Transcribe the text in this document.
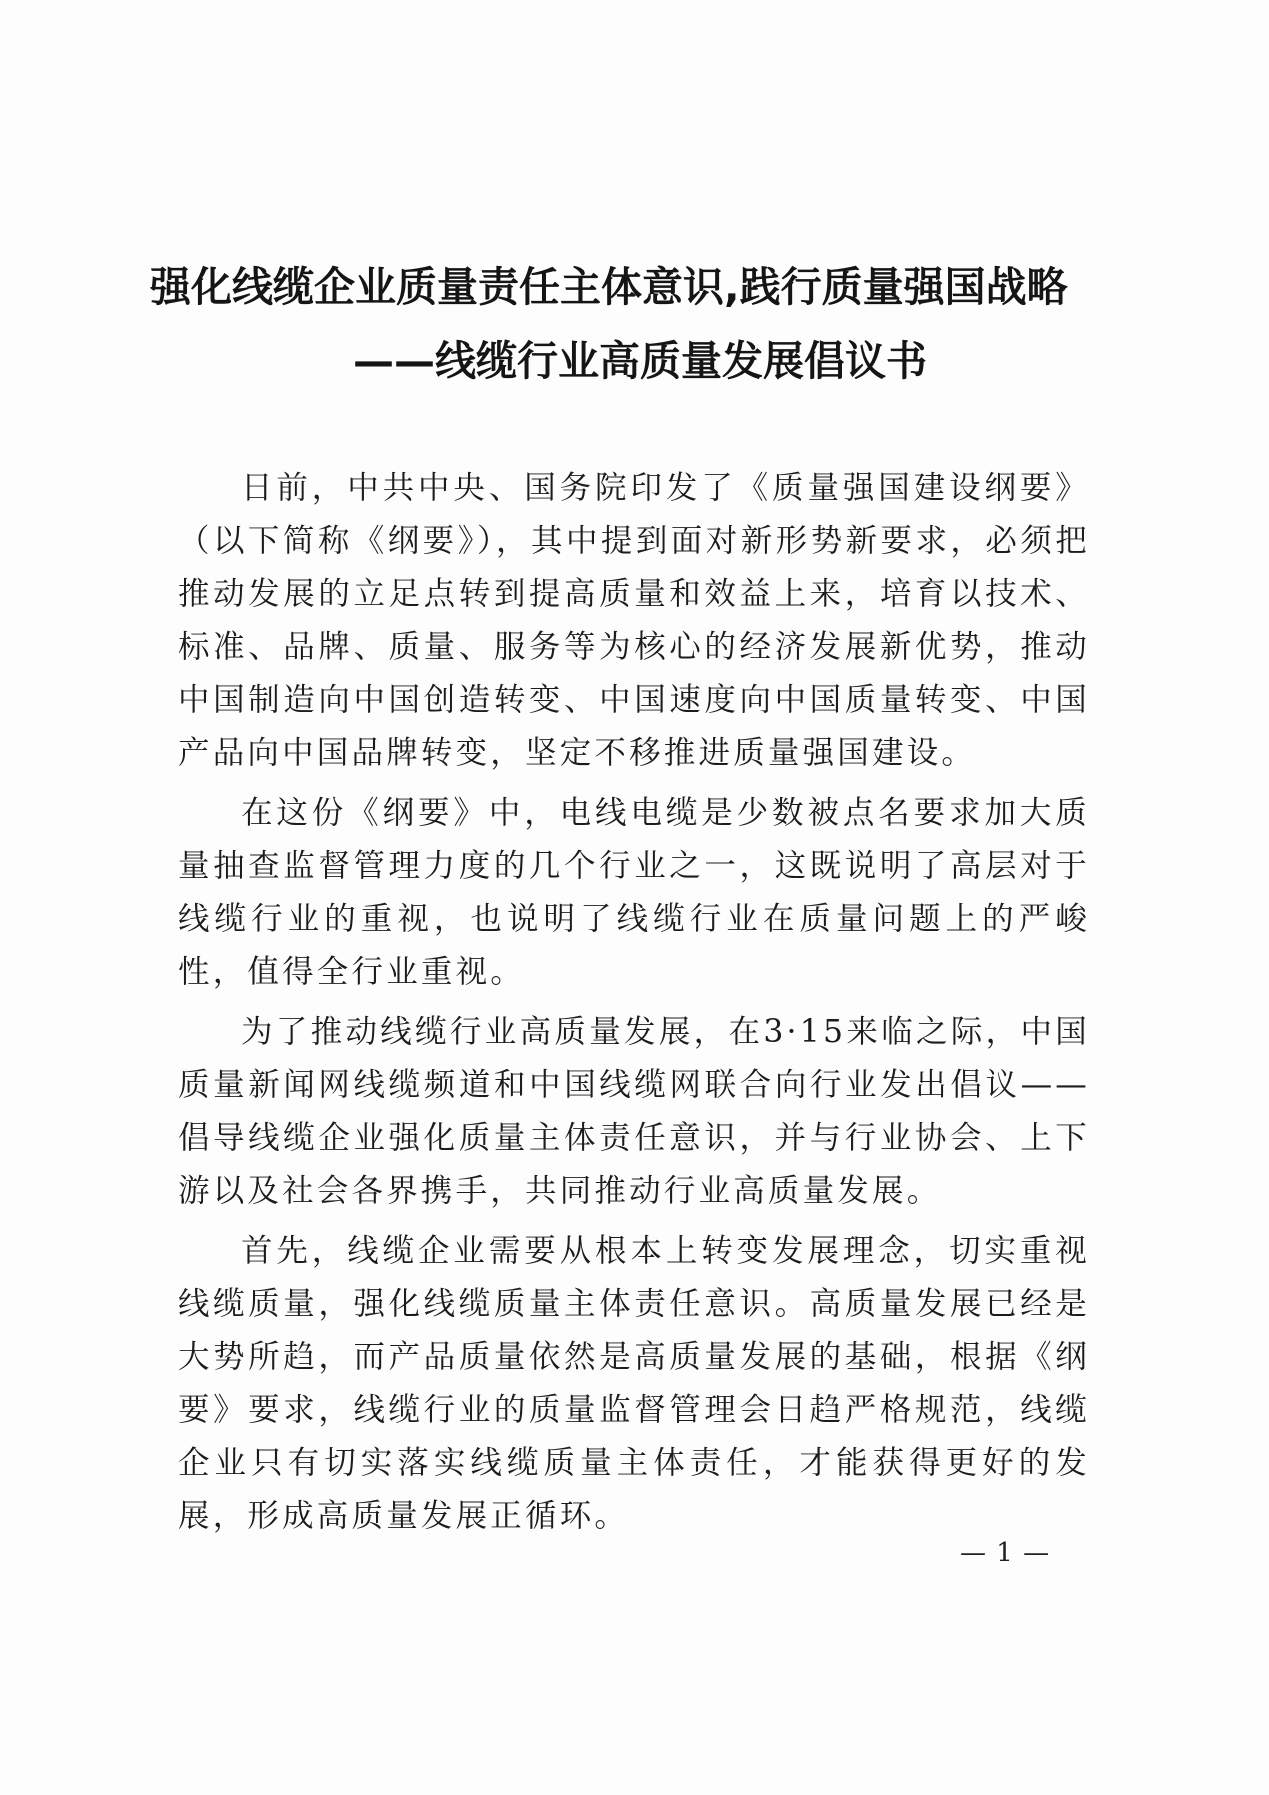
强化线缆企业质量责任主体意识,践行质量强国战略
——线缆行业高质量发展倡议书

日前，中共中央、国务院印发了《质量强国建设纲要》（以下简称《纲要》），其中提到面对新形势新要求，必须把推动发展的立足点转到提高质量和效益上来，培育以技术、标准、品牌、质量、服务等为核心的经济发展新优势，推动中国制造向中国创造转变、中国速度向中国质量转变、中国产品向中国品牌转变，坚定不移推进质量强国建设。

在这份《纲要》中，电线电缆是少数被点名要求加大质量抽查监督管理力度的几个行业之一，这既说明了高层对于线缆行业的重视，也说明了线缆行业在质量问题上的严峻性，值得全行业重视。

为了推动线缆行业高质量发展，在3·15来临之际，中国质量新闻网线缆频道和中国线缆网联合向行业发出倡议——倡导线缆企业强化质量主体责任意识，并与行业协会、上下游以及社会各界携手，共同推动行业高质量发展。

首先，线缆企业需要从根本上转变发展理念，切实重视线缆质量，强化线缆质量主体责任意识。高质量发展已经是大势所趋，而产品质量依然是高质量发展的基础，根据《纲要》要求，线缆行业的质量监督管理会日趋严格规范，线缆企业只有切实落实线缆质量主体责任，才能获得更好的发展，形成高质量发展正循环。

— 1 —
